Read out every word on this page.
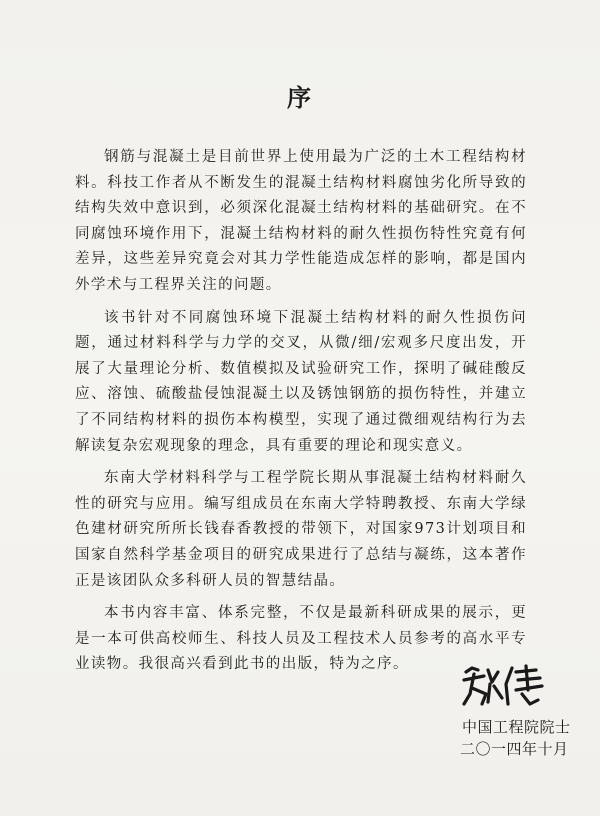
序

钢筋与混凝土是目前世界上使用最为广泛的土木工程结构材料。科技工作者从不断发生的混凝土结构材料腐蚀劣化所导致的结构失效中意识到，必须深化混凝土结构材料的基础研究。在不同腐蚀环境作用下，混凝土结构材料的耐久性损伤特性究竟有何差异，这些差异究竟会对其力学性能造成怎样的影响，都是国内外学术与工程界关注的问题。

该书针对不同腐蚀环境下混凝土结构材料的耐久性损伤问题，通过材料科学与力学的交叉，从微/细/宏观多尺度出发，开展了大量理论分析、数值模拟及试验研究工作，探明了碱硅酸反应、溶蚀、硫酸盐侵蚀混凝土以及锈蚀钢筋的损伤特性，并建立了不同结构材料的损伤本构模型，实现了通过微细观结构行为去解读复杂宏观现象的理念，具有重要的理论和现实意义。

东南大学材料科学与工程学院长期从事混凝土结构材料耐久性的研究与应用。编写组成员在东南大学特聘教授、东南大学绿色建材研究所所长钱春香教授的带领下，对国家973计划项目和国家自然科学基金项目的研究成果进行了总结与凝练，这本著作正是该团队众多科研人员的智慧结晶。

本书内容丰富、体系完整，不仅是最新科研成果的展示，更是一本可供高校师生、科技人员及工程技术人员参考的高水平专业读物。我很高兴看到此书的出版，特为之序。

中国工程院院士
二〇一四年十月
